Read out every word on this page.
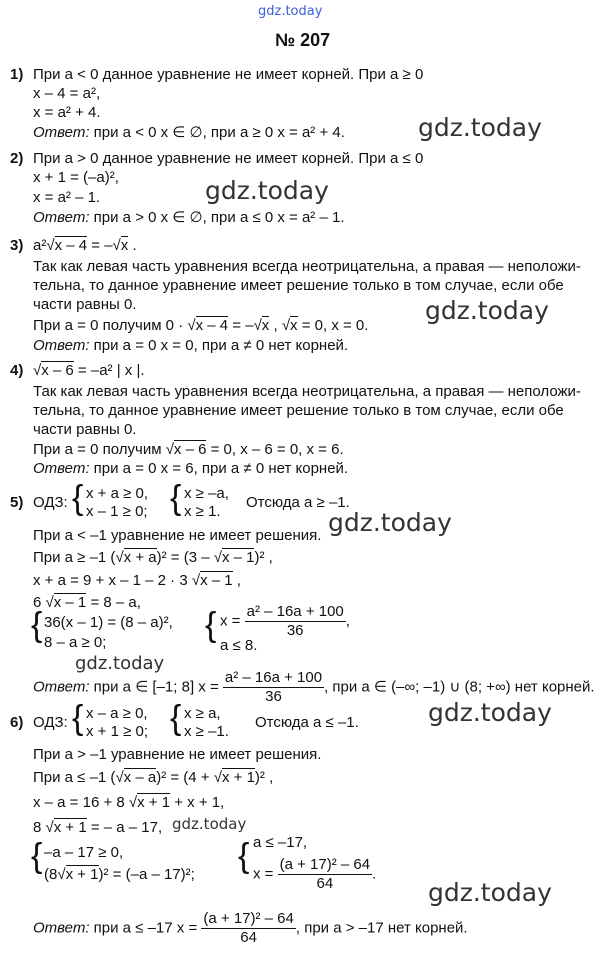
gdz.today
gdz.today
gdz.today
gdz.today
gdz.today
gdz.today
gdz.today
gdz.today
gdz.today
№ 207
1) При a < 0 данное уравнение не имеет корней. При a ≥ 0
x – 4 = a²,
x = a² + 4.
Ответ: при a < 0 x ∈ ∅, при a ≥ 0 x = a² + 4.
2) При a > 0 данное уравнение не имеет корней. При a ≤ 0
x + 1 = (–a)²,
x = a² – 1.
Ответ: при a > 0 x ∈ ∅, при a ≤ 0 x = a² – 1.
3) a²√x – 4 = –√x .
Так как левая часть уравнения всегда неотрицательна, а правая — неположи-
тельна, то данное уравнение имеет решение только в том случае, если обе
части равны 0.
При a = 0 получим 0 · √x – 4 = –√x , √x = 0, x = 0.
Ответ: при a = 0 x = 0, при a ≠ 0 нет корней.
4) √x – 6 = –a² | x |.
Так как левая часть уравнения всегда неотрицательна, а правая — неположи-
тельна, то данное уравнение имеет решение только в том случае, если обе
части равны 0.
При a = 0 получим √x – 6 = 0, x – 6 = 0, x = 6.
Ответ: при a = 0 x = 6, при a ≠ 0 нет корней.
5) ОДЗ: { x + a ≥ 0,
x – 1 ≥ 0; { x ≥ –a,
x ≥ 1.
Отсюда a ≥ –1.
При a < –1 уравнение не имеет решения.
При a ≥ –1 (√x + a)² = (3 – √x – 1)² ,
x + a = 9 + x – 1 – 2 · 3 √x – 1 ,
6 √x – 1 = 8 – a,
{ 36(x – 1) = (8 – a)²,
8 – a ≥ 0;	{ $x = \frac{\text{a² – 16a + 100}}{36}$ ,
a ≤ 8.
Ответ: при a ∈ [–1; 8] $x = \frac{\text{a² – 16a + 100}}{36}$ , при a ∈ (–∞; –1) ∪ (8; +∞) нет корней.
6) ОДЗ: { x – a ≥ 0,
x + 1 ≥ 0; { x ≥ a,
x ≥ –1.
Отсюда a ≤ –1.
При a > –1 уравнение не имеет решения.
При a ≤ –1 (√x – a)² = (4 + √x + 1)² ,
x – a = 16 + 8 √x + 1 + x + 1,
8 √x + 1 = – a – 17,
{ –a – 17 ≥ 0,
(8√x + 1)² = (–a – 17)²; { a ≤ –17,
$x = \frac{\text{(a + 17)² – 64}}{64}$ .
Ответ: при a ≤ –17 $x = \frac{\text{(a + 17)² – 64}}{64}$ , при a > –17 нет корней.
